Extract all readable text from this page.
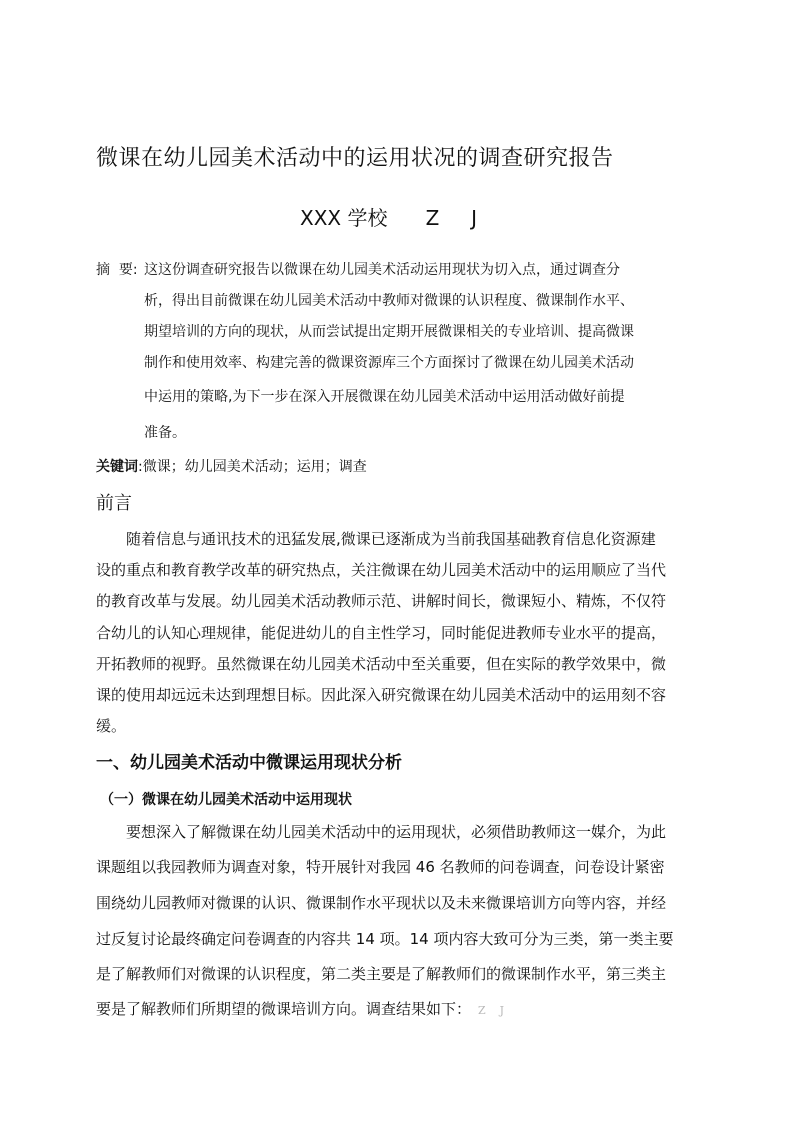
微课在幼儿园美术活动中的运用状况的调查研究报告
XXX 学校      Z     J
摘  要: 这这份调查研究报告以微课在幼儿园美术活动运用现状为切入点，通过调查分
析，得出目前微课在幼儿园美术活动中教师对微课的认识程度、微课制作水平、
期望培训的方向的现状，从而尝试提出定期开展微课相关的专业培训、提高微课
制作和使用效率、构建完善的微课资源库三个方面探讨了微课在幼儿园美术活动
中运用的策略,为下一步在深入开展微课在幼儿园美术活动中运用活动做好前提
准备。
关键词:微课；幼儿园美术活动；运用；调查
前言
随着信息与通讯技术的迅猛发展,微课已逐渐成为当前我国基础教育信息化资源建
设的重点和教育教学改革的研究热点，关注微课在幼儿园美术活动中的运用顺应了当代
的教育改革与发展。幼儿园美术活动教师示范、讲解时间长，微课短小、精炼，不仅符
合幼儿的认知心理规律，能促进幼儿的自主性学习，同时能促进教师专业水平的提高，
开拓教师的视野。虽然微课在幼儿园美术活动中至关重要，但在实际的教学效果中，微
课的使用却远远未达到理想目标。因此深入研究微课在幼儿园美术活动中的运用刻不容
缓。
一、幼儿园美术活动中微课运用现状分析
（一）微课在幼儿园美术活动中运用现状
要想深入了解微课在幼儿园美术活动中的运用现状，必须借助教师这一媒介，为此
课题组以我园教师为调查对象，特开展针对我园 46 名教师的问卷调查，问卷设计紧密
围绕幼儿园教师对微课的认识、微课制作水平现状以及未来微课培训方向等内容，并经
过反复讨论最终确定问卷调查的内容共 14 项。14 项内容大致可分为三类，第一类主要
是了解教师们对微课的认识程度，第二类主要是了解教师们的微课制作水平，第三类主
要是了解教师们所期望的微课培训方向。调查结果如下：  Z    J
